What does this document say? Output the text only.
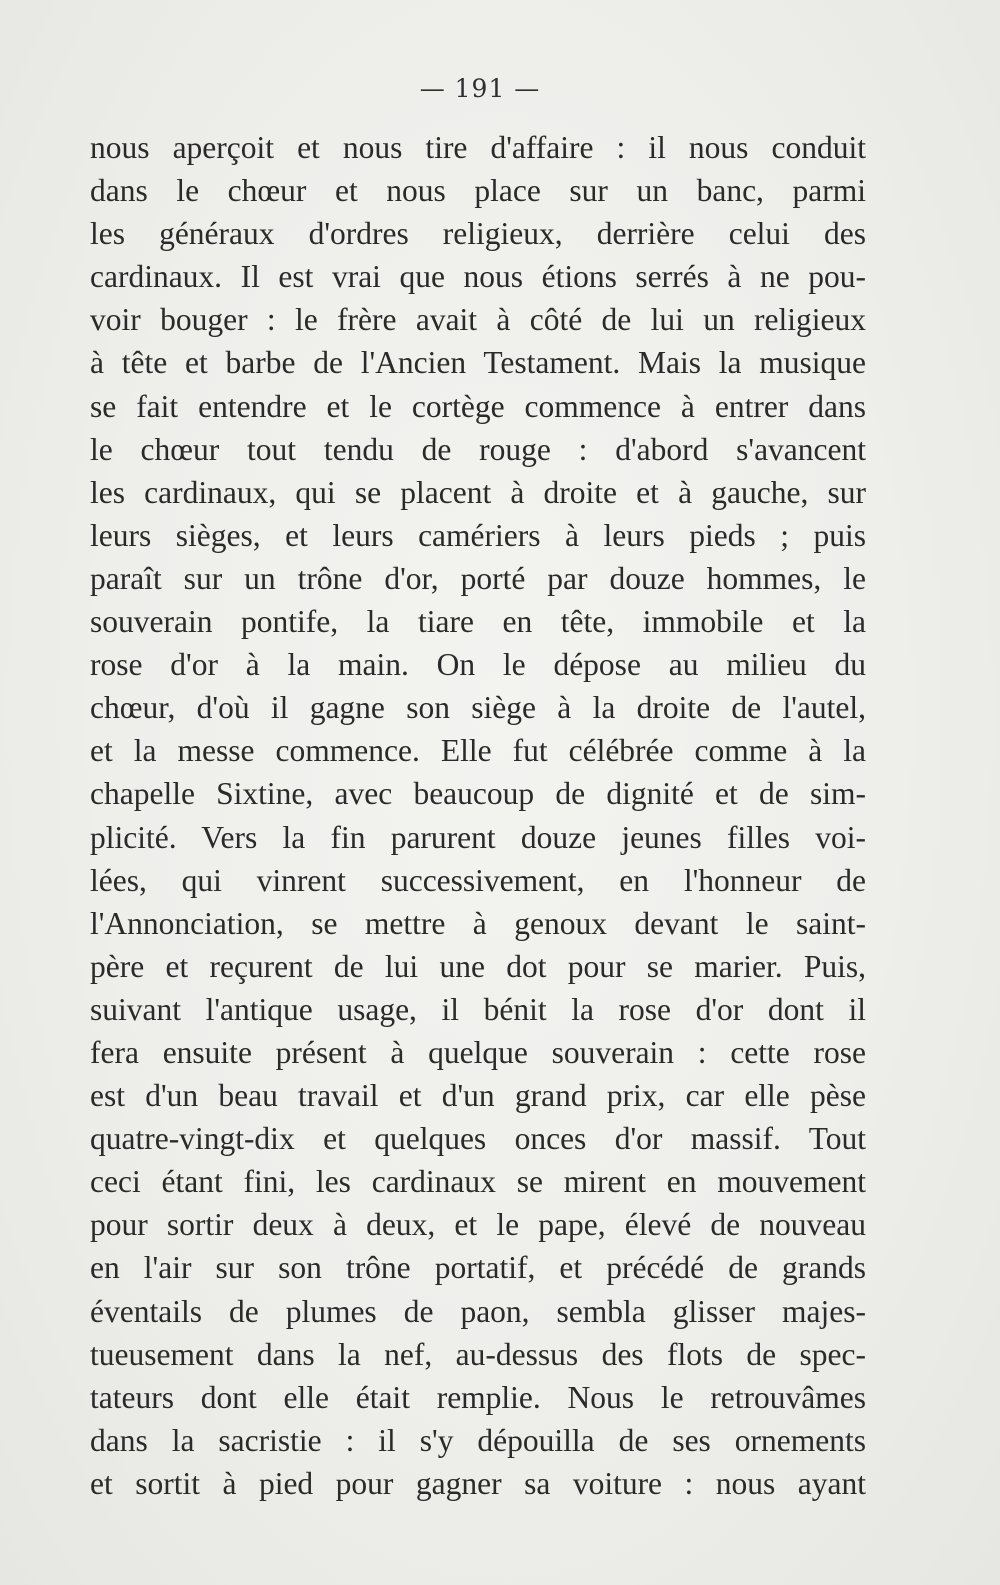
— 191 —
nous aperçoit et nous tire d'affaire : il nous conduit
dans le chœur et nous place sur un banc, parmi
les généraux d'ordres religieux, derrière celui des
cardinaux. Il est vrai que nous étions serrés à ne pou-
voir bouger : le frère avait à côté de lui un religieux
à tête et barbe de l'Ancien Testament. Mais la musique
se fait entendre et le cortège commence à entrer dans
le chœur tout tendu de rouge : d'abord s'avancent
les cardinaux, qui se placent à droite et à gauche, sur
leurs sièges, et leurs camériers à leurs pieds ; puis
paraît sur un trône d'or, porté par douze hommes, le
souverain pontife, la tiare en tête, immobile et la
rose d'or à la main. On le dépose au milieu du
chœur, d'où il gagne son siège à la droite de l'autel,
et la messe commence. Elle fut célébrée comme à la
chapelle Sixtine, avec beaucoup de dignité et de sim-
plicité. Vers la fin parurent douze jeunes filles voi-
lées, qui vinrent successivement, en l'honneur de
l'Annonciation, se mettre à genoux devant le saint-
père et reçurent de lui une dot pour se marier. Puis,
suivant l'antique usage, il bénit la rose d'or dont il
fera ensuite présent à quelque souverain : cette rose
est d'un beau travail et d'un grand prix, car elle pèse
quatre-vingt-dix et quelques onces d'or massif. Tout
ceci étant fini, les cardinaux se mirent en mouvement
pour sortir deux à deux, et le pape, élevé de nouveau
en l'air sur son trône portatif, et précédé de grands
éventails de plumes de paon, sembla glisser majes-
tueusement dans la nef, au-dessus des flots de spec-
tateurs dont elle était remplie. Nous le retrouvâmes
dans la sacristie : il s'y dépouilla de ses ornements
et sortit à pied pour gagner sa voiture : nous ayant
